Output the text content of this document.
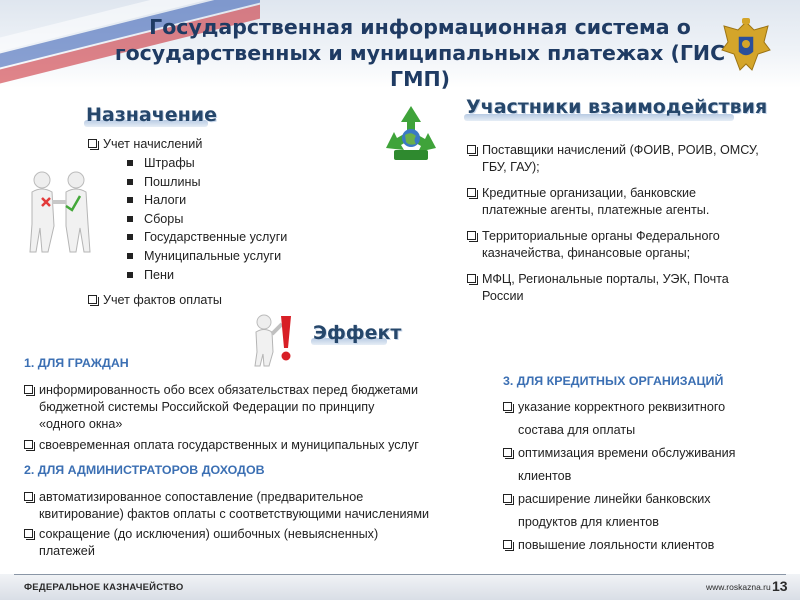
Государственная информационная система о
государственных и муниципальных платежах (ГИС ГМП)
Назначение
Учет начислений
Штрафы
Пошлины
Налоги
Сборы
Государственные услуги
Муниципальные услуги
Пени
Учет фактов оплаты
Участники взаимодействия
Поставщики начислений (ФОИВ, РОИВ, ОМСУ,
ГБУ, ГАУ);
Кредитные организации, банковские
платежные агенты, платежные агенты.
Территориальные органы Федерального
казначейства, финансовые органы;
МФЦ, Региональные порталы, УЭК, Почта
России
Эффект
1. ДЛЯ ГРАЖДАН
информированность обо всех обязательствах перед бюджетами
бюджетной системы Российской Федерации по принципу
«одного окна»
своевременная оплата государственных и муниципальных услуг
2. ДЛЯ АДМИНИСТРАТОРОВ ДОХОДОВ
автоматизированное сопоставление (предварительное
квитирование) фактов оплаты с соответствующими начислениями
сокращение (до исключения) ошибочных (невыясненных)
платежей
3. ДЛЯ КРЕДИТНЫХ ОРГАНИЗАЦИЙ
указание корректного реквизитного
состава для оплаты
оптимизация времени обслуживания
клиентов
расширение линейки банковских
продуктов для клиентов
повышение лояльности клиентов
ФЕДЕРАЛЬНОЕ КАЗНАЧЕЙСТВО	www.roskazna.ru 13
